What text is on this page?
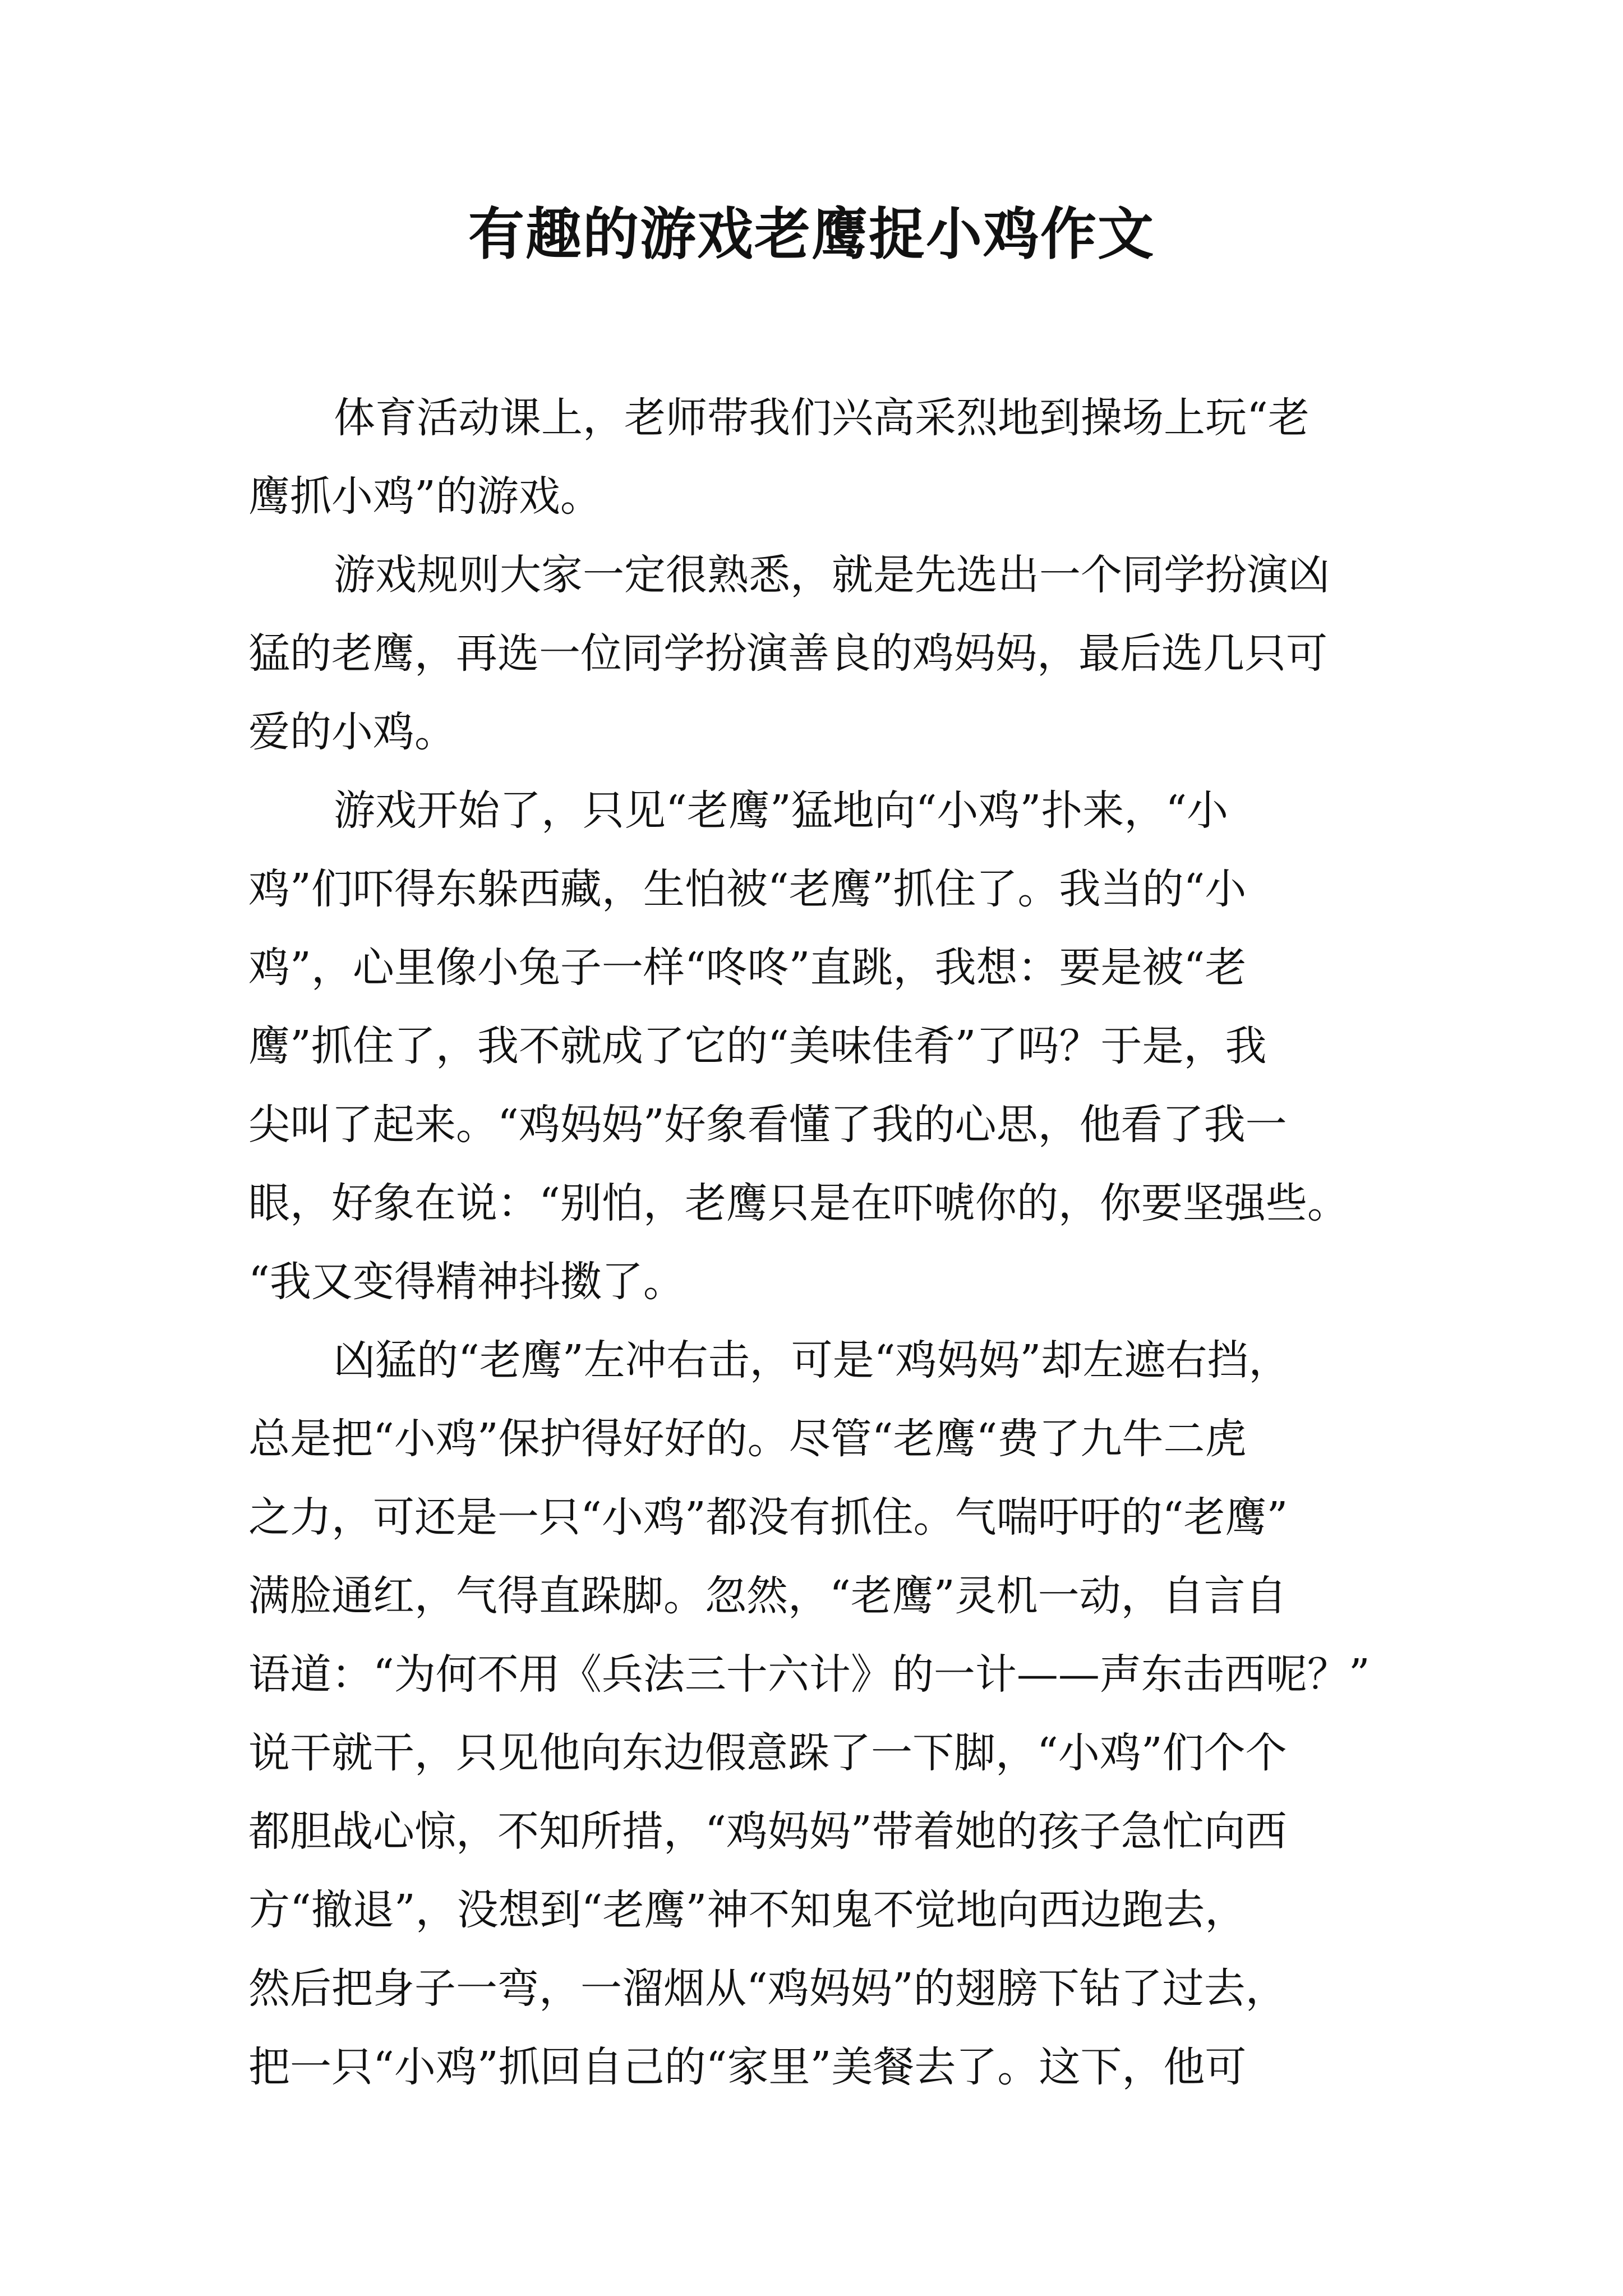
有趣的游戏老鹰捉小鸡作文
体育活动课上，老师带我们兴高采烈地到操场上玩“老
鹰抓小鸡”的游戏。
游戏规则大家一定很熟悉，就是先选出一个同学扮演凶
猛的老鹰，再选一位同学扮演善良的鸡妈妈，最后选几只可
爱的小鸡。
游戏开始了，只见“老鹰”猛地向“小鸡”扑来，“小
鸡”们吓得东躲西藏，生怕被“老鹰”抓住了。我当的“小
鸡”，心里像小兔子一样“咚咚”直跳，我想：要是被“老
鹰”抓住了，我不就成了它的“美味佳肴”了吗？于是，我
尖叫了起来。“鸡妈妈”好象看懂了我的心思，他看了我一
眼，好象在说：“别怕，老鹰只是在吓唬你的，你要坚强些。
“我又变得精神抖擞了。
凶猛的“老鹰”左冲右击，可是“鸡妈妈”却左遮右挡，
总是把“小鸡”保护得好好的。尽管“老鹰“费了九牛二虎
之力，可还是一只“小鸡”都没有抓住。气喘吁吁的“老鹰”
满脸通红，气得直跺脚。忽然，“老鹰”灵机一动，自言自
语道：“为何不用《兵法三十六计》的一计——声东击西呢？”
说干就干，只见他向东边假意跺了一下脚，“小鸡”们个个
都胆战心惊，不知所措，“鸡妈妈”带着她的孩子急忙向西
方“撤退”，没想到“老鹰”神不知鬼不觉地向西边跑去，
然后把身子一弯，一溜烟从“鸡妈妈”的翅膀下钻了过去，
把一只“小鸡”抓回自己的“家里”美餐去了。这下，他可
